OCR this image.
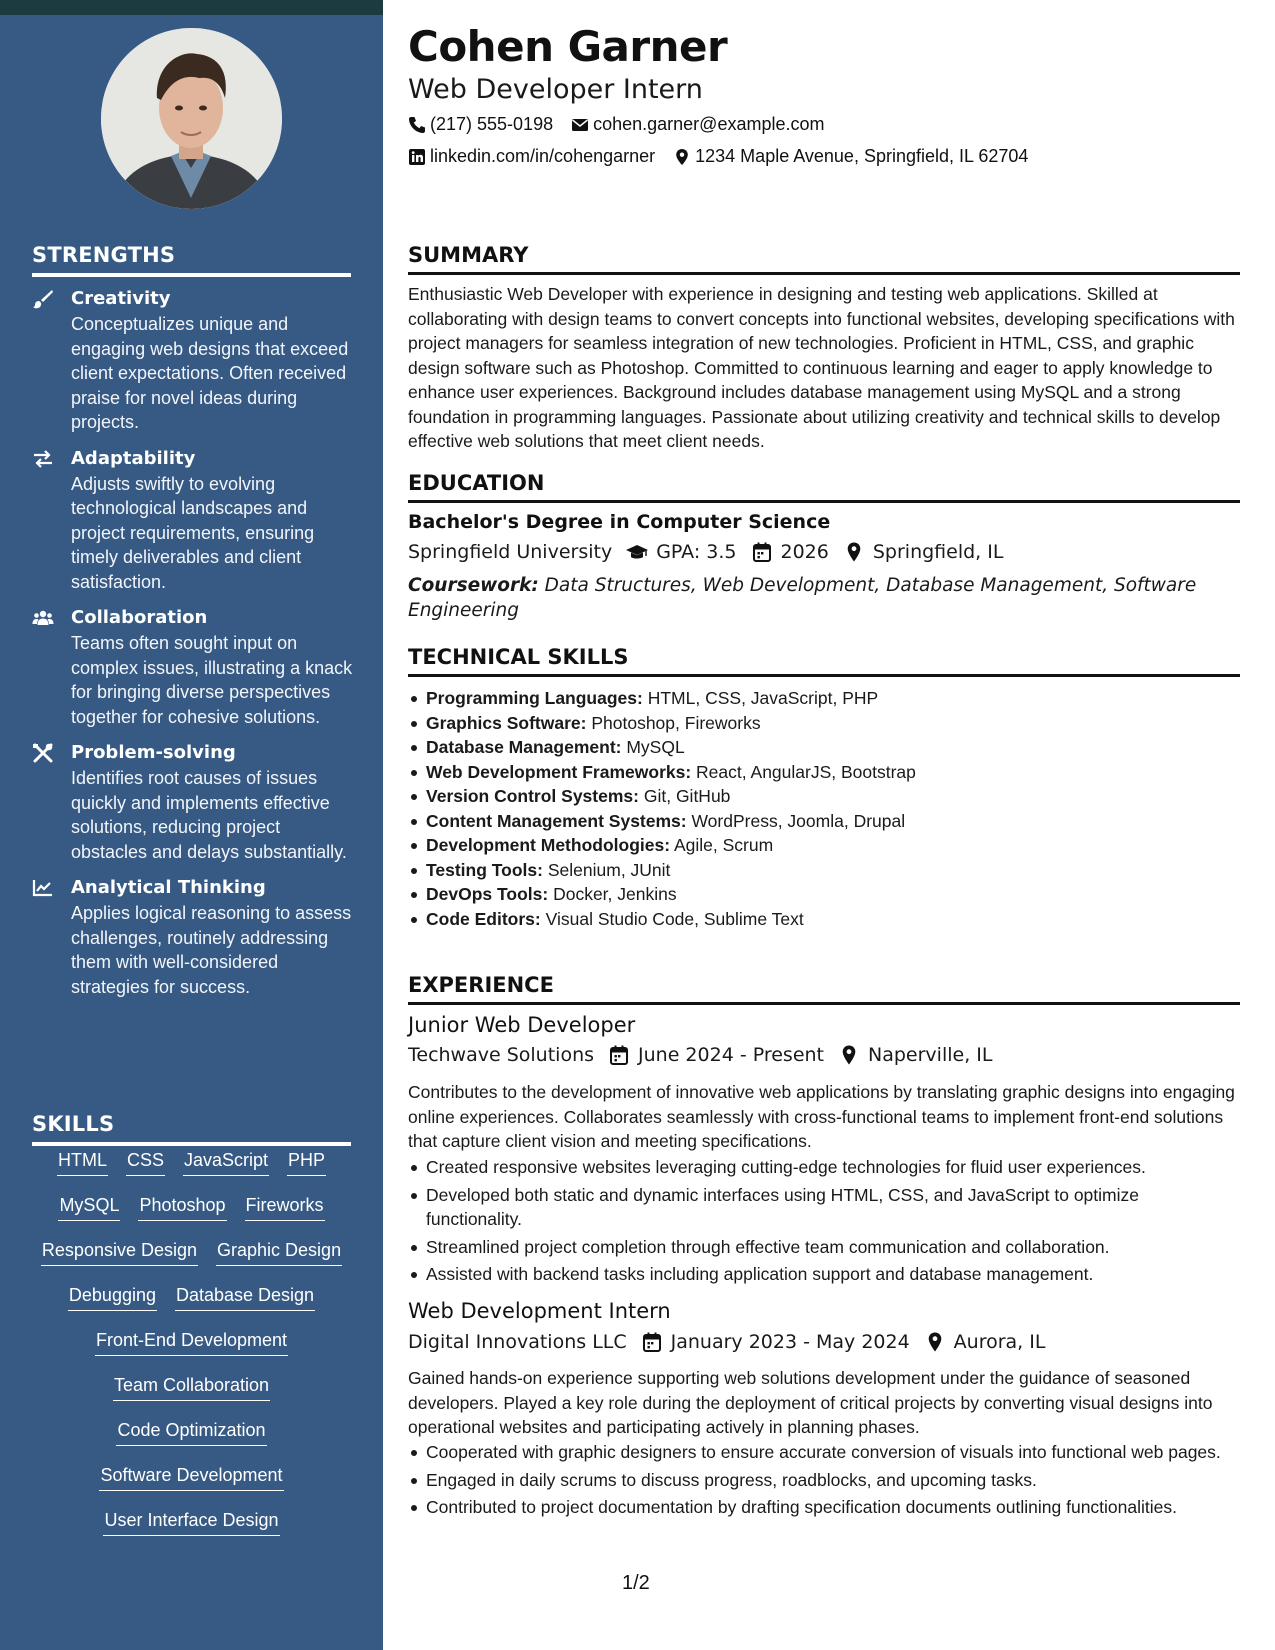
STRENGTHS
Creativity
Conceptualizes unique and engaging web designs that exceed client expectations. Often received praise for novel ideas during projects.
Adaptability
Adjusts swiftly to evolving technological landscapes and project requirements, ensuring timely deliverables and client satisfaction.
Collaboration
Teams often sought input on complex issues, illustrating a knack for bringing diverse perspectives together for cohesive solutions.
Problem-solving
Identifies root causes of issues quickly and implements effective solutions, reducing project obstacles and delays substantially.
Analytical Thinking
Applies logical reasoning to assess challenges, routinely addressing them with well-considered strategies for success.
SKILLS
HTML CSS JavaScript PHP
MySQL Photoshop Fireworks
Responsive Design Graphic Design
Debugging Database Design
Front-End Development
Team Collaboration
Code Optimization
Software Development
User Interface Design
Cohen Garner
Web Developer Intern
(217) 555-0198 cohen.garner@example.com
linkedin.com/in/cohengarner 1234 Maple Avenue, Springfield, IL 62704
SUMMARY

Enthusiastic Web Developer with experience in designing and testing web applications. Skilled at collaborating with design teams to convert concepts into functional websites, developing specifications with project managers for seamless integration of new technologies. Proficient in HTML, CSS, and graphic design software such as Photoshop. Committed to continuous learning and eager to apply knowledge to enhance user experiences. Background includes database management using MySQL and a strong foundation in programming languages. Passionate about utilizing creativity and technical skills to develop effective web solutions that meet client needs.

EDUCATION
Bachelor's Degree in Computer Science
Springfield University GPA: 3.5 2026 Springfield, IL

Coursework: Data Structures, Web Development, Database Management, Software Engineering

TECHNICAL SKILLS
Programming Languages: HTML, CSS, JavaScript, PHP
Graphics Software: Photoshop, Fireworks
Database Management: MySQL
Web Development Frameworks: React, AngularJS, Bootstrap
Version Control Systems: Git, GitHub
Content Management Systems: WordPress, Joomla, Drupal
Development Methodologies: Agile, Scrum
Testing Tools: Selenium, JUnit
DevOps Tools: Docker, Jenkins
Code Editors: Visual Studio Code, Sublime Text
EXPERIENCE
Junior Web Developer
Techwave Solutions June 2024 - Present Naperville, IL

Contributes to the development of innovative web applications by translating graphic designs into engaging online experiences. Collaborates seamlessly with cross-functional teams to implement front-end solutions that capture client vision and meeting specifications.

Created responsive websites leveraging cutting-edge technologies for fluid user experiences.
Developed both static and dynamic interfaces using HTML, CSS, and JavaScript to optimize functionality.
Streamlined project completion through effective team communication and collaboration.
Assisted with backend tasks including application support and database management.
Web Development Intern
Digital Innovations LLC January 2023 - May 2024 Aurora, IL

Gained hands-on experience supporting web solutions development under the guidance of seasoned developers. Played a key role during the deployment of critical projects by converting visual designs into operational websites and participating actively in planning phases.

Cooperated with graphic designers to ensure accurate conversion of visuals into functional web pages.
Engaged in daily scrums to discuss progress, roadblocks, and upcoming tasks.
Contributed to project documentation by drafting specification documents outlining functionalities.
1/2
